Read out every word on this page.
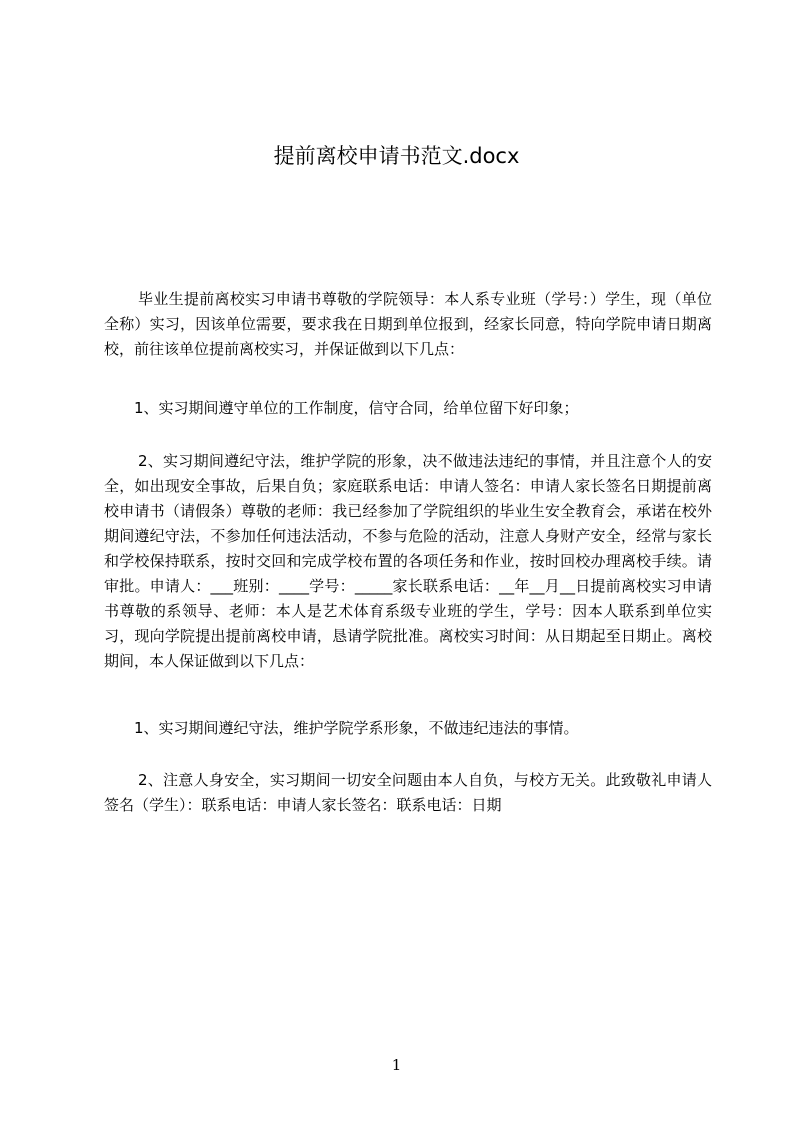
提前离校申请书范文.docx
毕业生提前离校实习申请书尊敬的学院领导：本人系专业班（学号：）学生，现（单位全称）实习，因该单位需要，要求我在日期到单位报到，经家长同意，特向学院申请日期离校，前往该单位提前离校实习，并保证做到以下几点：
1、实习期间遵守单位的工作制度，信守合同，给单位留下好印象；
2、实习期间遵纪守法，维护学院的形象，决不做违法违纪的事情，并且注意个人的安全，如出现安全事故，后果自负；家庭联系电话：申请人签名：申请人家长签名日期提前离校申请书（请假条）尊敬的老师：我已经参加了学院组织的毕业生安全教育会，承诺在校外期间遵纪守法，不参加任何违法活动，不参与危险的活动，注意人身财产安全，经常与家长和学校保持联系，按时交回和完成学校布置的各项任务和作业，按时回校办理离校手续。请审批。申请人：___班别：____学号：_____家长联系电话：__年__月__日提前离校实习申请书尊敬的系领导、老师：本人是艺术体育系级专业班的学生，学号：因本人联系到单位实习，现向学院提出提前离校申请，恳请学院批准。离校实习时间：从日期起至日期止。离校期间，本人保证做到以下几点：
1、实习期间遵纪守法，维护学院学系形象，不做违纪违法的事情。
2、注意人身安全，实习期间一切安全问题由本人自负，与校方无关。此致敬礼申请人签名（学生）：联系电话：申请人家长签名：联系电话：日期
1
